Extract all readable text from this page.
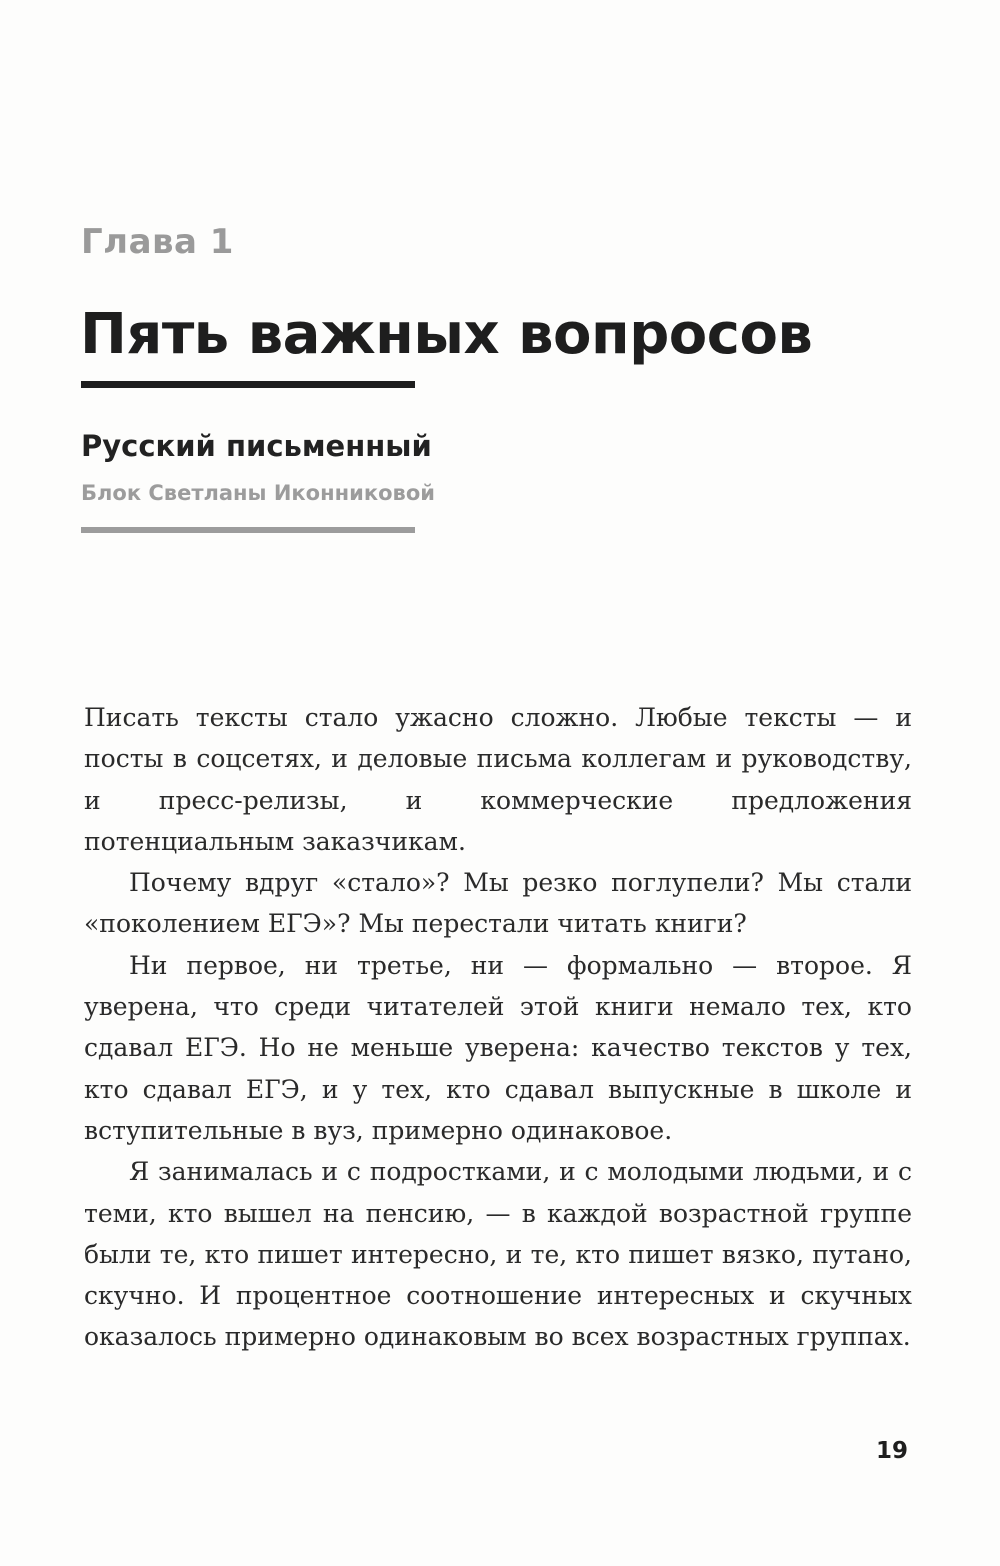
Глава 1
Пять важных вопросов
Русский письменный
Блок Светланы Иконниковой

Писать тексты стало ужасно сложно. Любые тексты — и посты в соцсетях, и деловые письма коллегам и руководству, и пресс-релизы, и коммерческие предложения потенциальным заказчикам.

Почему вдруг «стало»? Мы резко поглупели? Мы стали «поколением ЕГЭ»? Мы перестали читать книги?

Ни первое, ни третье, ни — формально — второе. Я уверена, что среди читателей этой книги немало тех, кто сдавал ЕГЭ. Но не меньше уверена: качество текстов у тех, кто сдавал ЕГЭ, и у тех, кто сдавал выпускные в школе и вступительные в вуз, примерно одинаковое.

Я занималась и с подростками, и с молодыми людьми, и с теми, кто вышел на пенсию, — в каждой возрастной группе были те, кто пишет интересно, и те, кто пишет вязко, путано, скучно. И процентное соотношение интересных и скучных оказалось примерно одинаковым во всех возрастных группах.

19
